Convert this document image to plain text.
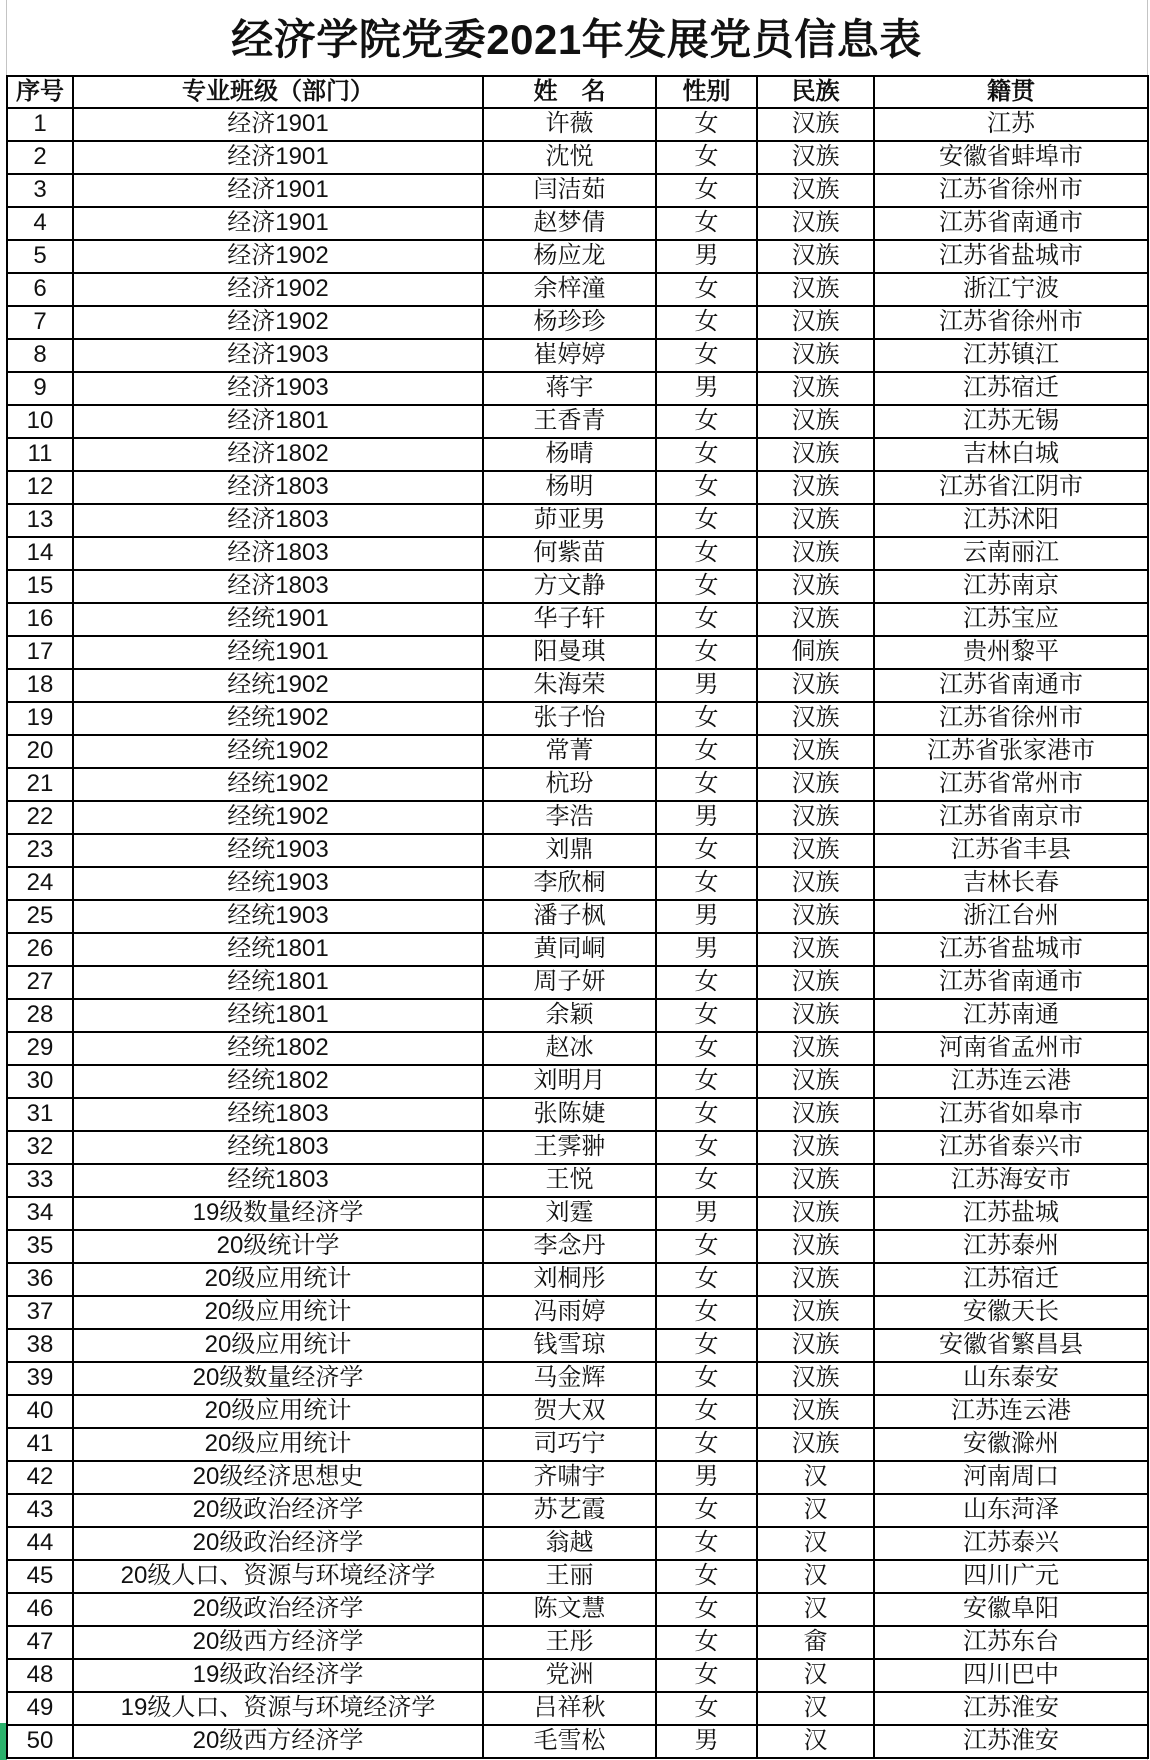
经济学院党委2021年发展党员信息表
序号	专业班级（部门）	姓　名	性别	民族	籍贯
1	经济1901	许薇	女	汉族	江苏
2	经济1901	沈悦	女	汉族	安徽省蚌埠市
3	经济1901	闫洁茹	女	汉族	江苏省徐州市
4	经济1901	赵梦倩	女	汉族	江苏省南通市
5	经济1902	杨应龙	男	汉族	江苏省盐城市
6	经济1902	余梓潼	女	汉族	浙江宁波
7	经济1902	杨珍珍	女	汉族	江苏省徐州市
8	经济1903	崔婷婷	女	汉族	江苏镇江
9	经济1903	蒋宇	男	汉族	江苏宿迁
10	经济1801	王香青	女	汉族	江苏无锡
11	经济1802	杨晴	女	汉族	吉林白城
12	经济1803	杨明	女	汉族	江苏省江阴市
13	经济1803	茆亚男	女	汉族	江苏沭阳
14	经济1803	何紫苗	女	汉族	云南丽江
15	经济1803	方文静	女	汉族	江苏南京
16	经统1901	华子轩	女	汉族	江苏宝应
17	经统1901	阳曼琪	女	侗族	贵州黎平
18	经统1902	朱海荣	男	汉族	江苏省南通市
19	经统1902	张子怡	女	汉族	江苏省徐州市
20	经统1902	常菁	女	汉族	江苏省张家港市
21	经统1902	杭玢	女	汉族	江苏省常州市
22	经统1902	李浩	男	汉族	江苏省南京市
23	经统1903	刘鼎	女	汉族	江苏省丰县
24	经统1903	李欣桐	女	汉族	吉林长春
25	经统1903	潘子枫	男	汉族	浙江台州
26	经统1801	黄同峒	男	汉族	江苏省盐城市
27	经统1801	周子妍	女	汉族	江苏省南通市
28	经统1801	余颖	女	汉族	江苏南通
29	经统1802	赵冰	女	汉族	河南省孟州市
30	经统1802	刘明月	女	汉族	江苏连云港
31	经统1803	张陈婕	女	汉族	江苏省如皋市
32	经统1803	王霁翀	女	汉族	江苏省泰兴市
33	经统1803	王悦	女	汉族	江苏海安市
34	19级数量经济学	刘霆	男	汉族	江苏盐城
35	20级统计学	李念丹	女	汉族	江苏泰州
36	20级应用统计	刘桐彤	女	汉族	江苏宿迁
37	20级应用统计	冯雨婷	女	汉族	安徽天长
38	20级应用统计	钱雪琼	女	汉族	安徽省繁昌县
39	20级数量经济学	马金辉	女	汉族	山东泰安
40	20级应用统计	贺大双	女	汉族	江苏连云港
41	20级应用统计	司巧宁	女	汉族	安徽滁州
42	20级经济思想史	齐啸宇	男	汉	河南周口
43	20级政治经济学	苏艺霞	女	汉	山东菏泽
44	20级政治经济学	翁越	女	汉	江苏泰兴
45	20级人口、资源与环境经济学	王丽	女	汉	四川广元
46	20级政治经济学	陈文慧	女	汉	安徽阜阳
47	20级西方经济学	王彤	女	畲	江苏东台
48	19级政治经济学	党洲	女	汉	四川巴中
49	19级人口、资源与环境经济学	吕祥秋	女	汉	江苏淮安
50	20级西方经济学	毛雪松	男	汉	江苏淮安
